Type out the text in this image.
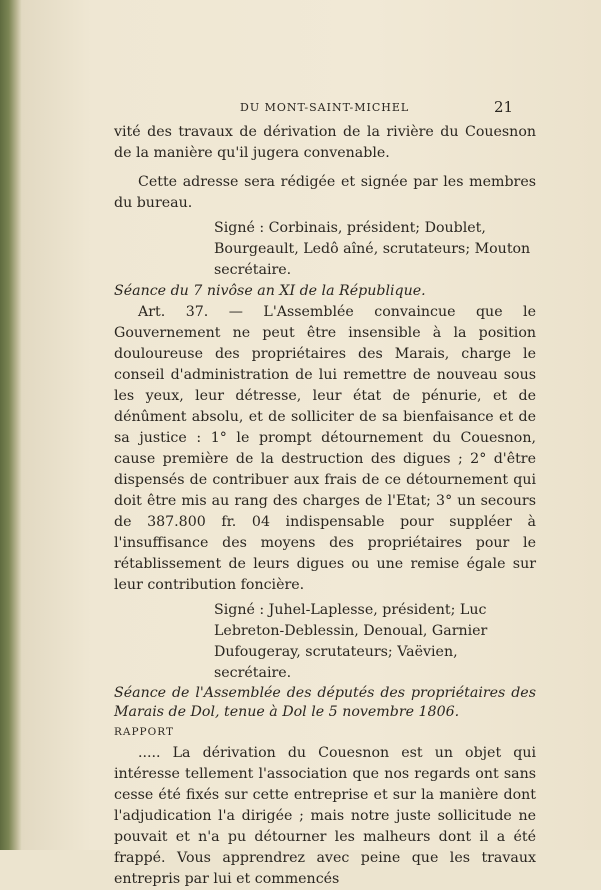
DU MONT-SAINT-MICHEL	21

vité des travaux de dérivation de la rivière du Couesnon de la manière qu'il jugera convenable.

Cette adresse sera rédigée et signée par les membres du bureau.

Signé : Corbinais, président; Doublet, Bourgeault, Ledô aîné, scrutateurs; Mouton secrétaire.

Séance du 7 nivôse an XI de la République.

Art. 37. — L'Assemblée convaincue que le Gouvernement ne peut être insensible à la position douloureuse des propriétaires des Marais, charge le conseil d'administration de lui remettre de nouveau sous les yeux, leur détresse, leur état de pénurie, et de dénûment absolu, et de solliciter de sa bienfaisance et de sa justice : 1° le prompt détournement du Couesnon, cause première de la destruction des digues ; 2° d'être dispensés de contribuer aux frais de ce détournement qui doit être mis au rang des charges de l'Etat; 3° un secours de 387.800 fr. 04 indispensable pour suppléer à l'insuffisance des moyens des propriétaires pour le rétablissement de leurs digues ou une remise égale sur leur contribution foncière.

Signé : Juhel-Laplesse, président; Luc Lebreton-Deblessin, Denoual, Garnier Dufougeray, scrutateurs; Vaëvien, secrétaire.

Séance de l'Assemblée des députés des propriétaires des Marais de Dol, tenue à Dol le 5 novembre 1806.

RAPPORT

..... La dérivation du Couesnon est un objet qui intéresse tellement l'association que nos regards ont sans cesse été fixés sur cette entreprise et sur la manière dont l'adjudication l'a dirigée ; mais notre juste sollicitude ne pouvait et n'a pu détourner les malheurs dont il a été frappé. Vous apprendrez avec peine que les travaux entrepris par lui et commencés
